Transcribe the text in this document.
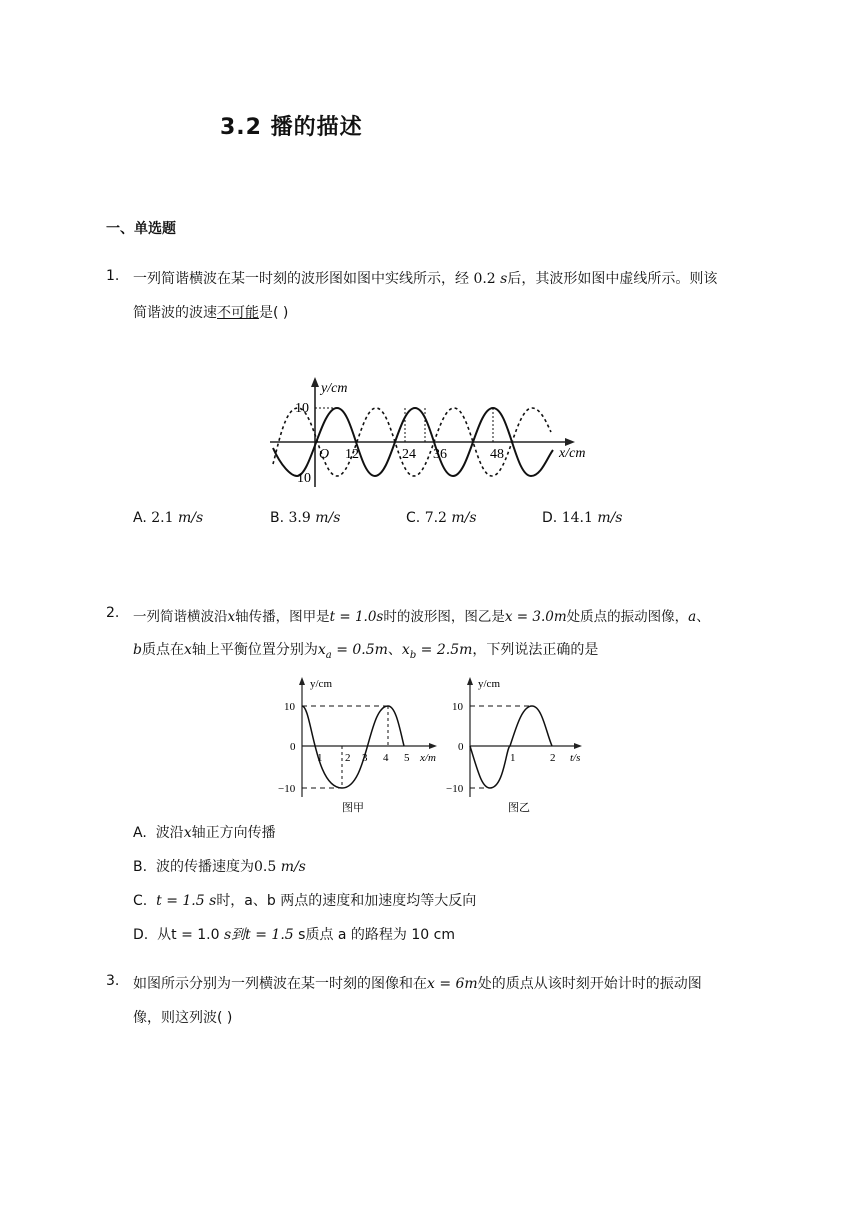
3.2 播的描述
一、单选题
1. 一列简谐横波在某一时刻的波形图如图中实线所示，经 0.2 s后，其波形如图中虚线所示。则该
简谐波的波速不可能是( )
y/cm
x/cm
10
10
O 12	24 36	48
A. 2.1 m/s	B. 3.9 m/s	C. 7.2 m/s	D. 14.1 m/s
2. 一列简谐横波沿x轴传播，图甲是t = 1.0s时的波形图，图乙是x = 3.0m处质点的振动图像，a、
b质点在x轴上平衡位置分别为$x_a = 0.5m$、$x_b = 2.5m$，下列说法正确的是
y/cm
10
0
−10
1 2 3 4 5 x/m
图甲
y/cm
10
0
−10
1	2 t/s
图乙
A. 波沿x轴正方向传播
B. 波的传播速度为0.5 m/s
C. t = 1.5 s时，a、b 两点的速度和加速度均等大反向
D. 从t = 1.0 s到t = 1.5 s质点 a 的路程为 10 cm
3. 如图所示分别为一列横波在某一时刻的图像和在x = 6m处的质点从该时刻开始计时的振动图
像，则这列波( )
